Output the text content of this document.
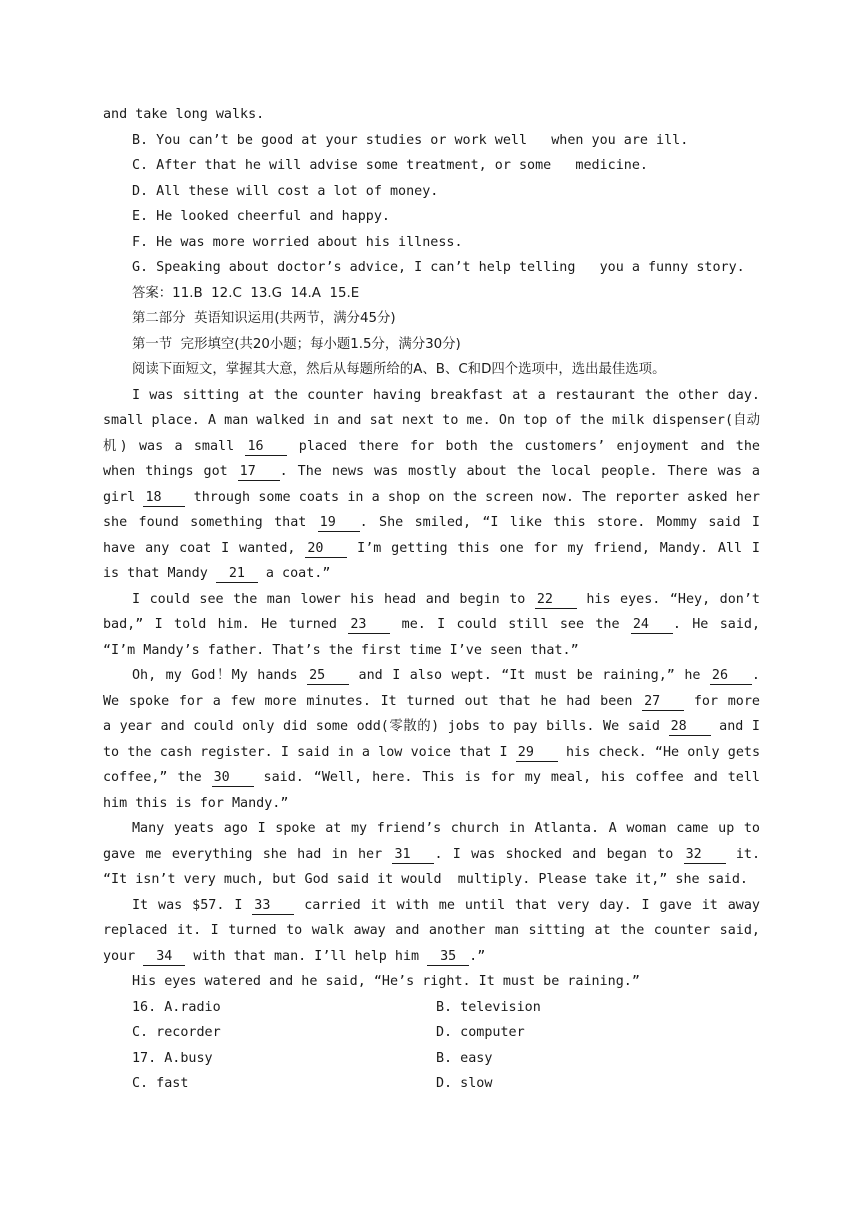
and take long walks.
B. You can’t be good at your studies or work well   when you are ill.
C. After that he will advise some treatment, or some   medicine.
D. All these will cost a lot of money.
E. He looked cheerful and happy.
F. He was more worried about his illness.
G. Speaking about doctor’s advice, I can’t help telling   you a funny story.
答案：11.B  12.C  13.G  14.A  15.E
第二部分  英语知识运用(共两节，满分45分)
第一节  完形填空(共20小题；每小题1.5分，满分30分)
阅读下面短文，掌握其大意，然后从每题所给的A、B、C和D四个选项中，选出最佳选项。
I was sitting at the counter having breakfast at a restaurant the other day.
small place. A man walked in and sat next to me. On top of the milk dispenser(自动
机) was a small 16	placed there for both the customers’ enjoyment and the
when things got 17 . The news was mostly about the local people. There was a
girl 18 through some coats in a shop on the screen now. The reporter asked her
she found something that 19 . She smiled, “I like this store. Mommy said I
have any coat I wanted, 20	I’m getting this one for my friend, Mandy. All I
is that Mandy 21 a coat.”
I could see the man lower his head and begin to 22 his eyes. “Hey, don’t
bad,” I told him. He turned 23 me. I could still see the 24 . He said,
“I’m Mandy’s father. That’s the first time I’ve seen that.”
Oh, my God！My hands 25 and I also wept. “It must be raining,” he 26 .
We spoke for a few more minutes. It turned out that he had been 27	for more
a year and could only did some odd(零散的) jobs to pay bills. We said 28 and I
to the cash register. I said in a low voice that I 29 his check. “He only gets
coffee,” the 30 said. “Well, here. This is for my meal, his coffee and tell
him this is for Mandy.”
Many yeats ago I spoke at my friend’s church in Atlanta. A woman came up to
gave me everything she had in her 31 . I was shocked and began to 32 it.
“It isn’t very much, but God said it would  multiply. Please take it,” she said.
It was $57. I 33	carried it with me until that very day. I gave it away
replaced it. I turned to walk away and another man sitting at the counter said,
your 34 with that man. I’ll help him 35 .”
His eyes watered and he said, “He’s right. It must be raining.”
16. A.radio	B. television
C. recorder	D. computer
17. A.busy	B. easy
C. fast	D. slow
